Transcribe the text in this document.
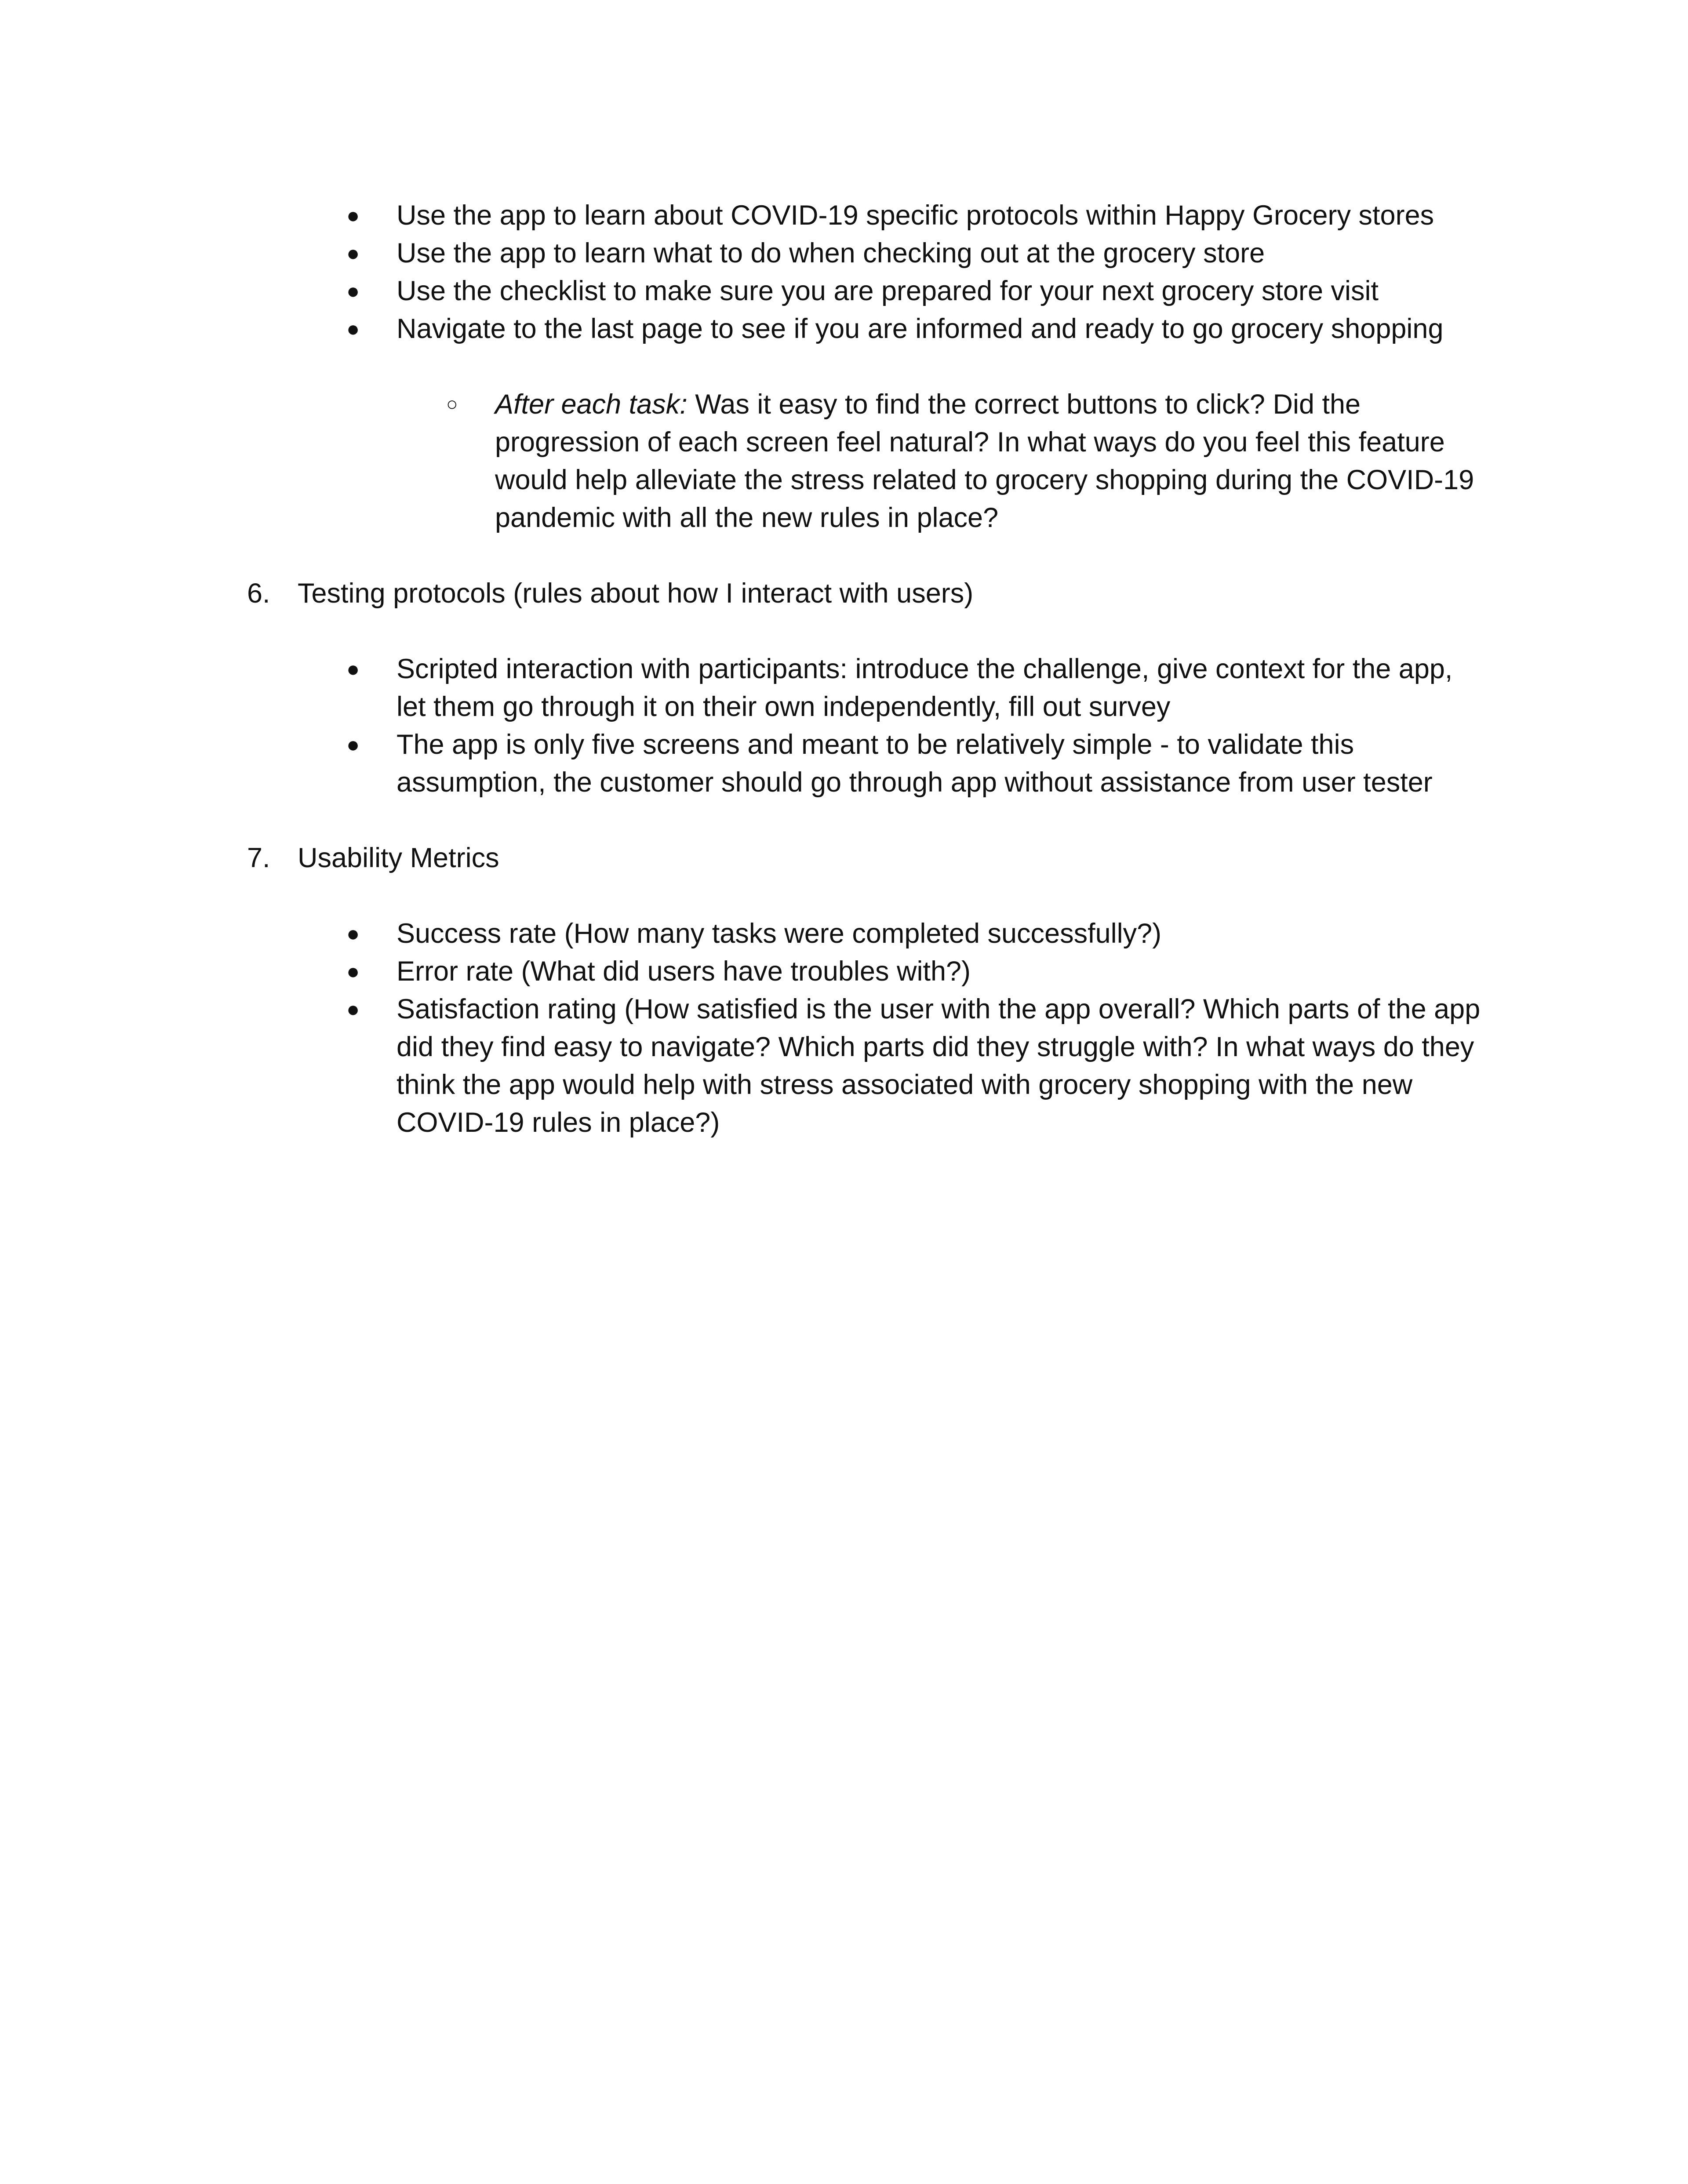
● Use the app to learn about COVID-19 specific protocols within Happy Grocery stores
● Use the app to learn what to do when checking out at the grocery store
● Use the checklist to make sure you are prepared for your next grocery store visit
● Navigate to the last page to see if you are informed and ready to go grocery shopping
○ After each task: Was it easy to find the correct buttons to click? Did the
progression of each screen feel natural? In what ways do you feel this feature
would help alleviate the stress related to grocery shopping during the COVID-19
pandemic with all the new rules in place?
6. Testing protocols (rules about how I interact with users)
● Scripted interaction with participants: introduce the challenge, give context for the app,
let them go through it on their own independently, fill out survey
● The app is only five screens and meant to be relatively simple - to validate this
assumption, the customer should go through app without assistance from user tester
7. Usability Metrics
● Success rate (How many tasks were completed successfully?)
● Error rate (What did users have troubles with?)
● Satisfaction rating (How satisfied is the user with the app overall? Which parts of the app
did they find easy to navigate? Which parts did they struggle with? In what ways do they
think the app would help with stress associated with grocery shopping with the new
COVID-19 rules in place?)
